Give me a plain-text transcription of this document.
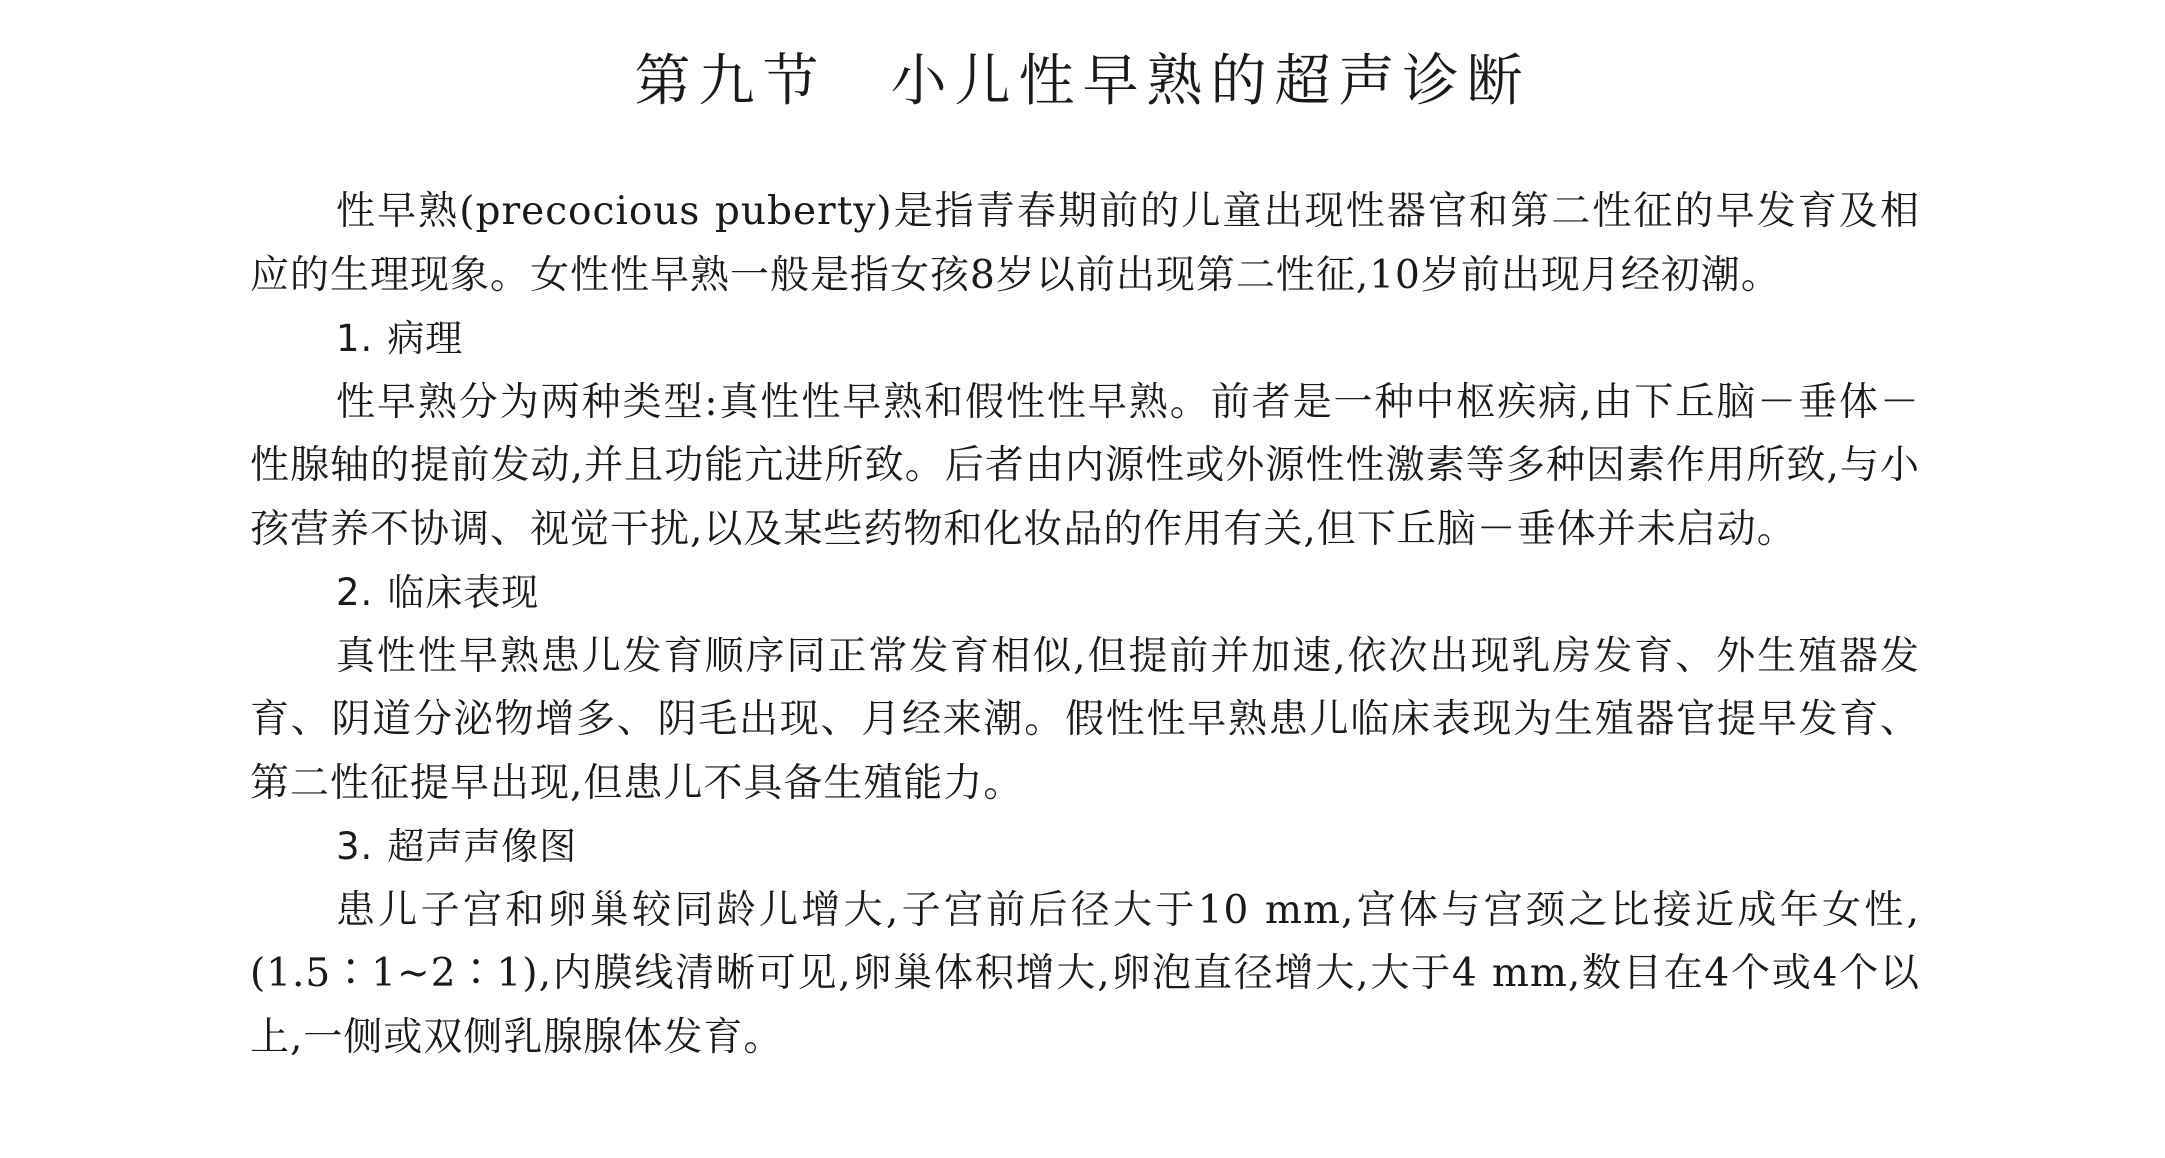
第九节　小儿性早熟的超声诊断

性早熟(precocious puberty)是指青春期前的儿童出现性器官和第二性征的早发育及相应的生理现象。女性性早熟一般是指女孩8岁以前出现第二性征,10岁前出现月经初潮。

1. 病理

性早熟分为两种类型:真性性早熟和假性性早熟。前者是一种中枢疾病,由下丘脑－垂体－性腺轴的提前发动,并且功能亢进所致。后者由内源性或外源性性激素等多种因素作用所致,与小孩营养不协调、视觉干扰,以及某些药物和化妆品的作用有关,但下丘脑－垂体并未启动。

2. 临床表现

真性性早熟患儿发育顺序同正常发育相似,但提前并加速,依次出现乳房发育、外生殖器发育、阴道分泌物增多、阴毛出现、月经来潮。假性性早熟患儿临床表现为生殖器官提早发育、第二性征提早出现,但患儿不具备生殖能力。

3. 超声声像图

患儿子宫和卵巢较同龄儿增大,子宫前后径大于10 mm,宫体与宫颈之比接近成年女性,(1.5∶1~2∶1),内膜线清晰可见,卵巢体积增大,卵泡直径增大,大于4 mm,数目在4个或4个以上,一侧或双侧乳腺腺体发育。
